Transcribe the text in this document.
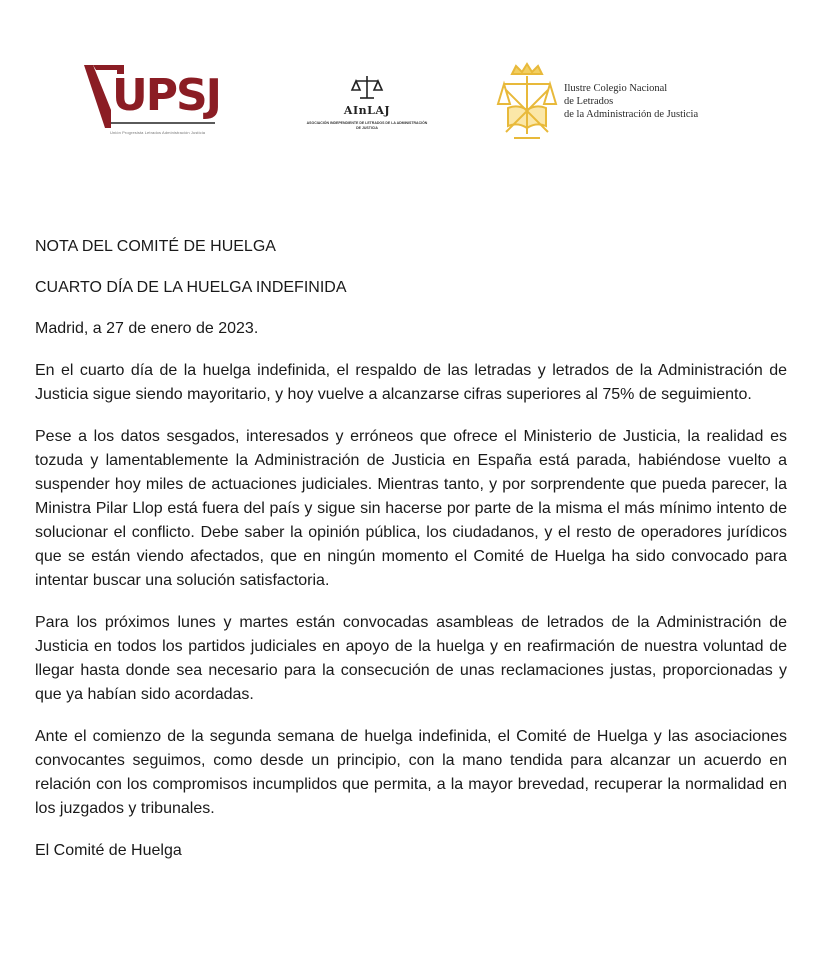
UPSJ
Unión Progresista Letrados Administración Justicia
AInLAJ
ASOCIACIÓN INDEPENDIENTE DE LETRADOS DE LA ADMINISTRACIÓN DE JUSTICIA
Ilustre Colegio Nacional
de Letrados
de la Administración de Justicia

NOTA DEL COMITÉ DE HUELGA

CUARTO DÍA DE LA HUELGA INDEFINIDA

Madrid, a 27 de enero de 2023.

En el cuarto día de la huelga indefinida, el respaldo de las letradas y letrados de la Administración de Justicia sigue siendo mayoritario, y hoy vuelve a alcanzarse cifras superiores al 75% de seguimiento.

Pese a los datos sesgados, interesados y erróneos que ofrece el Ministerio de Justicia, la realidad es tozuda y lamentablemente la Administración de Justicia en España está parada, habiéndose vuelto a suspender hoy miles de actuaciones judiciales. Mientras tanto, y por sorprendente que pueda parecer, la Ministra Pilar Llop está fuera del país y sigue sin hacerse por parte de la misma el más mínimo intento de solucionar el conflicto. Debe saber la opinión pública, los ciudadanos, y el resto de operadores jurídicos que se están viendo afectados, que en ningún momento el Comité de Huelga ha sido convocado para intentar buscar una solución satisfactoria.

Para los próximos lunes y martes están convocadas asambleas de letrados de la Administración de Justicia en todos los partidos judiciales en apoyo de la huelga y en reafirmación de nuestra voluntad de llegar hasta donde sea necesario para la consecución de unas reclamaciones justas, proporcionadas y que ya habían sido acordadas.

Ante el comienzo de la segunda semana de huelga indefinida, el Comité de Huelga y las asociaciones convocantes seguimos, como desde un principio, con la mano tendida para alcanzar un acuerdo en relación con los compromisos incumplidos que permita, a la mayor brevedad, recuperar la normalidad en los juzgados y tribunales.

El Comité de Huelga
